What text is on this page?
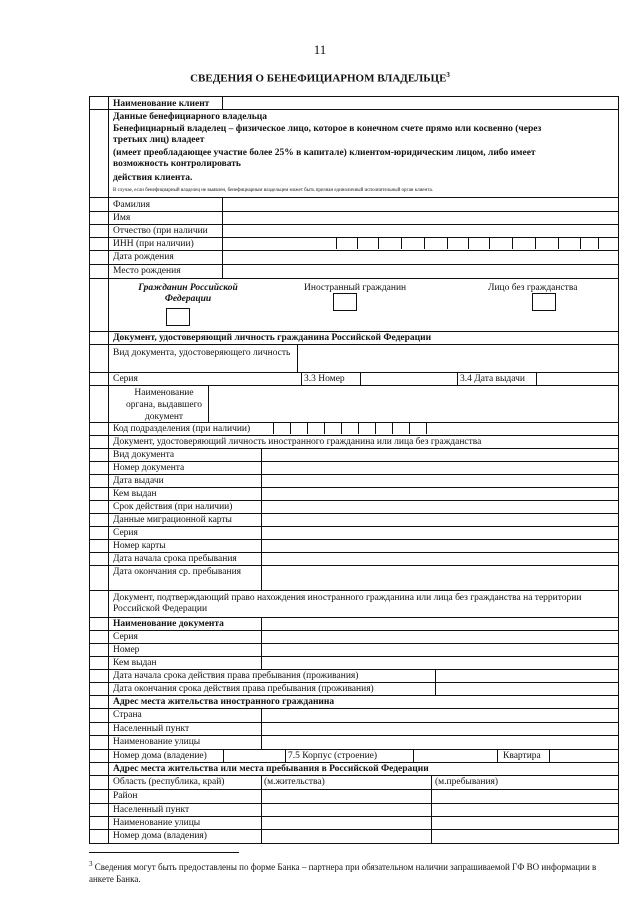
11
СВЕДЕНИЯ О БЕНЕФИЦИАРНОМ ВЛАДЕЛЬЦЕ$^3$
Наименование клиент
Данные бенефициарного владельца
Бенефициарный владелец – физическое лицо, которое в конечном счете прямо или косвенно (через
третьих лиц) владеет
(имеет преобладающее участие более 25% в капитале) клиентом-юридическим лицом, либо имеет
возможность контролировать
действия клиента.
В случае, если бенефициарный владелец не выявлен, бенефициарным владельцем может быть признан единоличный исполнительный орган клиента.
Фамилия
Имя
Отчество (при наличии
ИНН (при наличии)
Дата рождения
Место рождения
Гражданин Российской Федерации
Иностранный гражданин	Лицо без гражданства
Документ, удостоверяющий личность гражданина Российской Федерации
Вид документа, удостоверяющего личность
Серия	3.3 Номер	3.4 Дата выдачи
Наименование органа, выдавшего документ
Код подразделения (при наличии)
Документ, удостоверяющий личность иностранного гражданина или лица без гражданства
Вид документа
Номер документа
Дата выдачи
Кем выдан
Срок действия (при наличии)
Данные миграционной карты
Серия
Номер карты
Дата начала срока пребывания
Дата окончания ср. пребывания
Документ, подтверждающий право нахождения иностранного гражданина или лица без гражданства на территории Российской Федерации
Наименование документа
Серия
Номер
Кем выдан
Дата начала срока действия права пребывания (проживания)
Дата окончания срока действия права пребывания (проживания)
Адрес места жительства иностранного гражданина
Страна
Населенный пункт
Наименование улицы
Номер дома (владение)	7.5 Корпус (строение)	Квартира
Адрес места жительства или места пребывания в Российской Федерации
Область (республика, край)	(м.жительства)	(м.пребывания)
Район
Населенный пункт
Наименование улицы
Номер дома (владения)
$^3$ Сведения могут быть предоставлены по форме Банка – партнера при обязательном наличии запрашиваемой ГФ ВО информации в анкете Банка.
